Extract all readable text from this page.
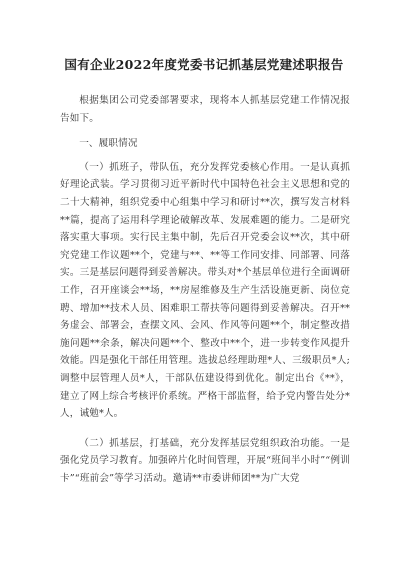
国有企业2022年度党委书记抓基层党建述职报告

根据集团公司党委部署要求，现将本人抓基层党建工作情况报告如下。

一、履职情况

（一）抓班子，带队伍，充分发挥党委核心作用。一是认真抓好理论武装。学习贯彻习近平新时代中国特色社会主义思想和党的二十大精神，组织党委中心组集中学习和研讨**次，撰写发言材料**篇，提高了运用科学理论破解改革、发展难题的能力。二是研究落实重大事项。实行民主集中制，先后召开党委会议**次，其中研究党建工作议题**个，党建与**、**等工作同安排、同部署、同落实。三是基层问题得到妥善解决。带头对*个基层单位进行全面调研工作，召开座谈会**场，**房屋维修及生产生活设施更新、岗位竞聘、增加**技术人员、困难职工帮扶等问题得到妥善解决。召开**务虚会、部署会，查摆文风、会风、作风等问题**个，制定整改措施问题**余条，解决问题**个、整改中**个，进一步转变作风提升效能。四是强化干部任用管理。选拔总经理助理*人、三级职员*人;调整中层管理人员*人，干部队伍建设得到优化。制定出台《**》，建立了网上综合考核评价系统。严格干部监督，给予党内警告处分*人，诫勉*人。

（二）抓基层，打基础，充分发挥基层党组织政治功能。一是强化党员学习教育。加强碎片化时间管理，开展“班间半小时”“例训卡”“班前会”等学习活动。邀请**市委讲师团**为广大党
